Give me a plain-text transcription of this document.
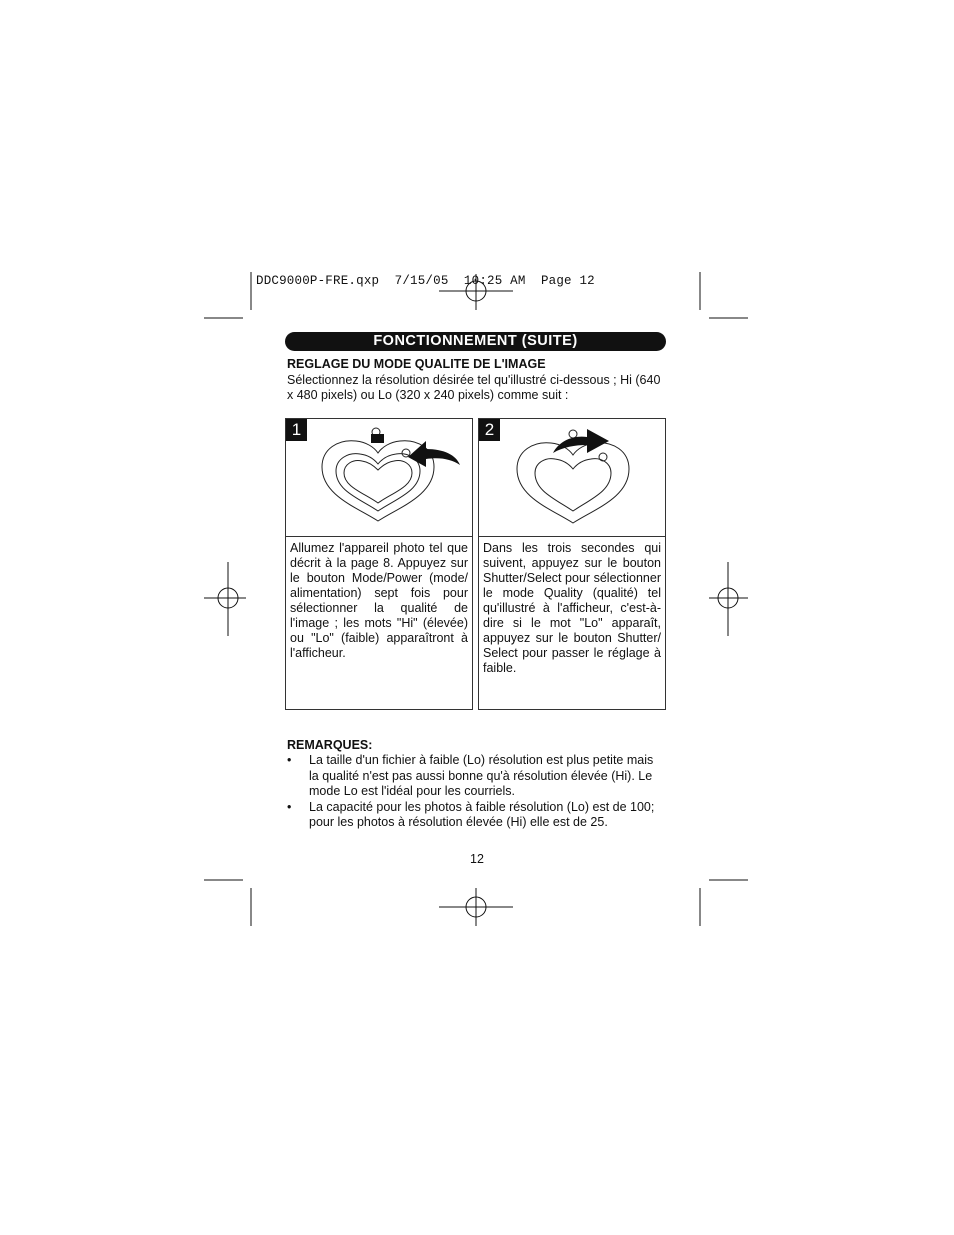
DDC9000P-FRE.qxp  7/15/05  10:25 AM  Page 12
FONCTIONNEMENT (SUITE)
REGLAGE DU MODE QUALITE DE L'IMAGE
Sélectionnez la résolution désirée tel qu'illustré ci-dessous ; Hi (640 x 480 pixels) ou Lo (320 x 240 pixels) comme suit :
1
Allumez l'appareil photo tel que décrit à la page 8. Appuyez sur le bouton Mode/Power (mode/ alimentation) sept fois pour sélectionner la qualité de l'image ; les mots "Hi" (élevée) ou "Lo" (faible) apparaîtront à l'afficheur.
2
Dans les trois secondes qui suivent, appuyez sur le bouton Shutter/Select pour sélectionner le mode Quality (qualité) tel qu'illustré à l'afficheur, c'est-à-dire si le mot "Lo" apparaît, appuyez sur le bouton Shutter/ Select pour passer le réglage à faible.
REMARQUES:
• La taille d'un fichier à faible (Lo) résolution est plus petite mais la qualité n'est pas aussi bonne qu'à résolution élevée (Hi). Le mode Lo est l'idéal pour les courriels.
• La capacité pour les photos à faible résolution (Lo) est de 100; pour les photos à résolution élevée (Hi) elle est de 25.
12
